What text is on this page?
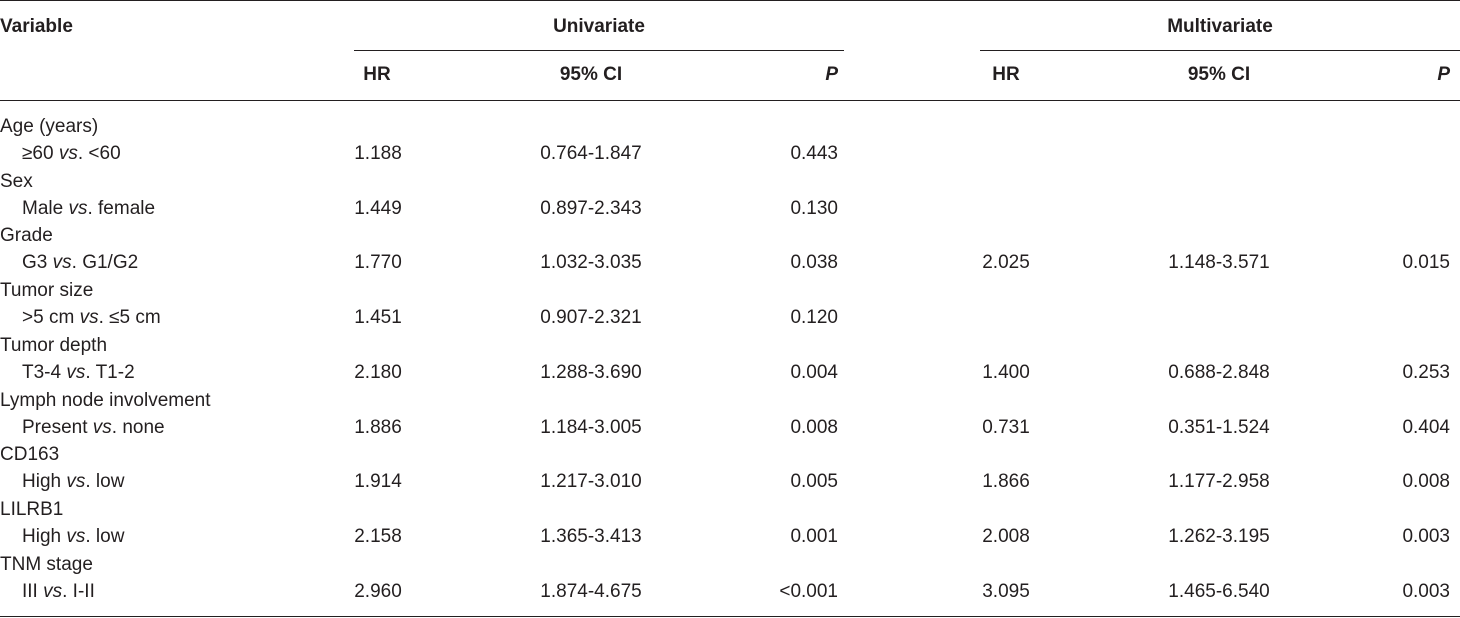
Variable	Univariate	Multivariate
HR	95% CI	P	HR	95% CI	P
Age (years)
≥60 vs. <60	1.188	0.764-1.847	0.443
Sex
Male vs. female	1.449	0.897-2.343	0.130
Grade
G3 vs. G1/G2	1.770	1.032-3.035	0.038	2.025	1.148-3.571	0.015
Tumor size
>5 cm vs. ≤5 cm	1.451	0.907-2.321	0.120
Tumor depth
T3-4 vs. T1-2	2.180	1.288-3.690	0.004	1.400	0.688-2.848	0.253
Lymph node involvement
Present vs. none	1.886	1.184-3.005	0.008	0.731	0.351-1.524	0.404
CD163
High vs. low	1.914	1.217-3.010	0.005	1.866	1.177-2.958	0.008
LILRB1
High vs. low	2.158	1.365-3.413	0.001	2.008	1.262-3.195	0.003
TNM stage
III vs. I-II	2.960	1.874-4.675	<0.001	3.095	1.465-6.540	0.003
